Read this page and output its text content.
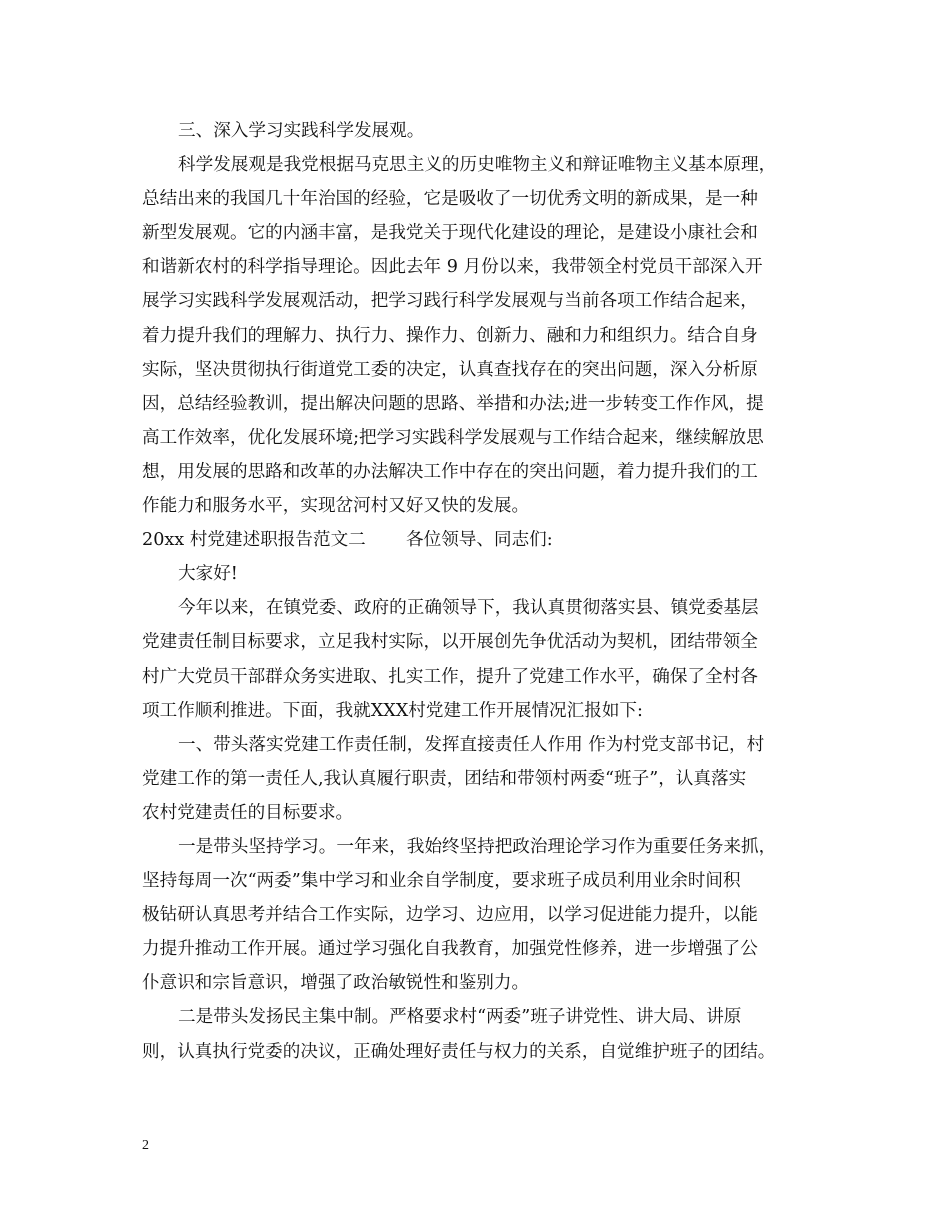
三、深入学习实践科学发展观。
科学发展观是我党根据马克思主义的历史唯物主义和辩证唯物主义基本原理，
总结出来的我国几十年治国的经验，它是吸收了一切优秀文明的新成果，是一种
新型发展观。它的内涵丰富，是我党关于现代化建设的理论，是建设小康社会和
和谐新农村的科学指导理论。因此去年 9 月份以来，我带领全村党员干部深入开
展学习实践科学发展观活动，把学习践行科学发展观与当前各项工作结合起来，
着力提升我们的理解力、执行力、操作力、创新力、融和力和组织力。结合自身
实际，坚决贯彻执行街道党工委的决定，认真查找存在的突出问题，深入分析原
因，总结经验教训，提出解决问题的思路、举措和办法;进一步转变工作作风，提
高工作效率，优化发展环境;把学习实践科学发展观与工作结合起来，继续解放思
想，用发展的思路和改革的办法解决工作中存在的突出问题，着力提升我们的工
作能力和服务水平，实现岔河村又好又快的发展。
20xx 村党建述职报告范文二	各位领导、同志们:
大家好!
今年以来，在镇党委、政府的正确领导下，我认真贯彻落实县、镇党委基层
党建责任制目标要求，立足我村实际，以开展创先争优活动为契机，团结带领全
村广大党员干部群众务实进取、扎实工作，提升了党建工作水平，确保了全村各
项工作顺利推进。下面，我就XXX村党建工作开展情况汇报如下:
一、带头落实党建工作责任制，发挥直接责任人作用 作为村党支部书记，村
党建工作的第一责任人,我认真履行职责，团结和带领村两委“班子”，认真落实
农村党建责任的目标要求。
一是带头坚持学习。一年来，我始终坚持把政治理论学习作为重要任务来抓，
坚持每周一次“两委”集中学习和业余自学制度，要求班子成员利用业余时间积
极钻研认真思考并结合工作实际，边学习、边应用，以学习促进能力提升，以能
力提升推动工作开展。通过学习强化自我教育，加强党性修养，进一步增强了公
仆意识和宗旨意识，增强了政治敏锐性和鉴别力。
二是带头发扬民主集中制。严格要求村“两委”班子讲党性、讲大局、讲原
则，认真执行党委的决议，正确处理好责任与权力的关系，自觉维护班子的团结。
2
